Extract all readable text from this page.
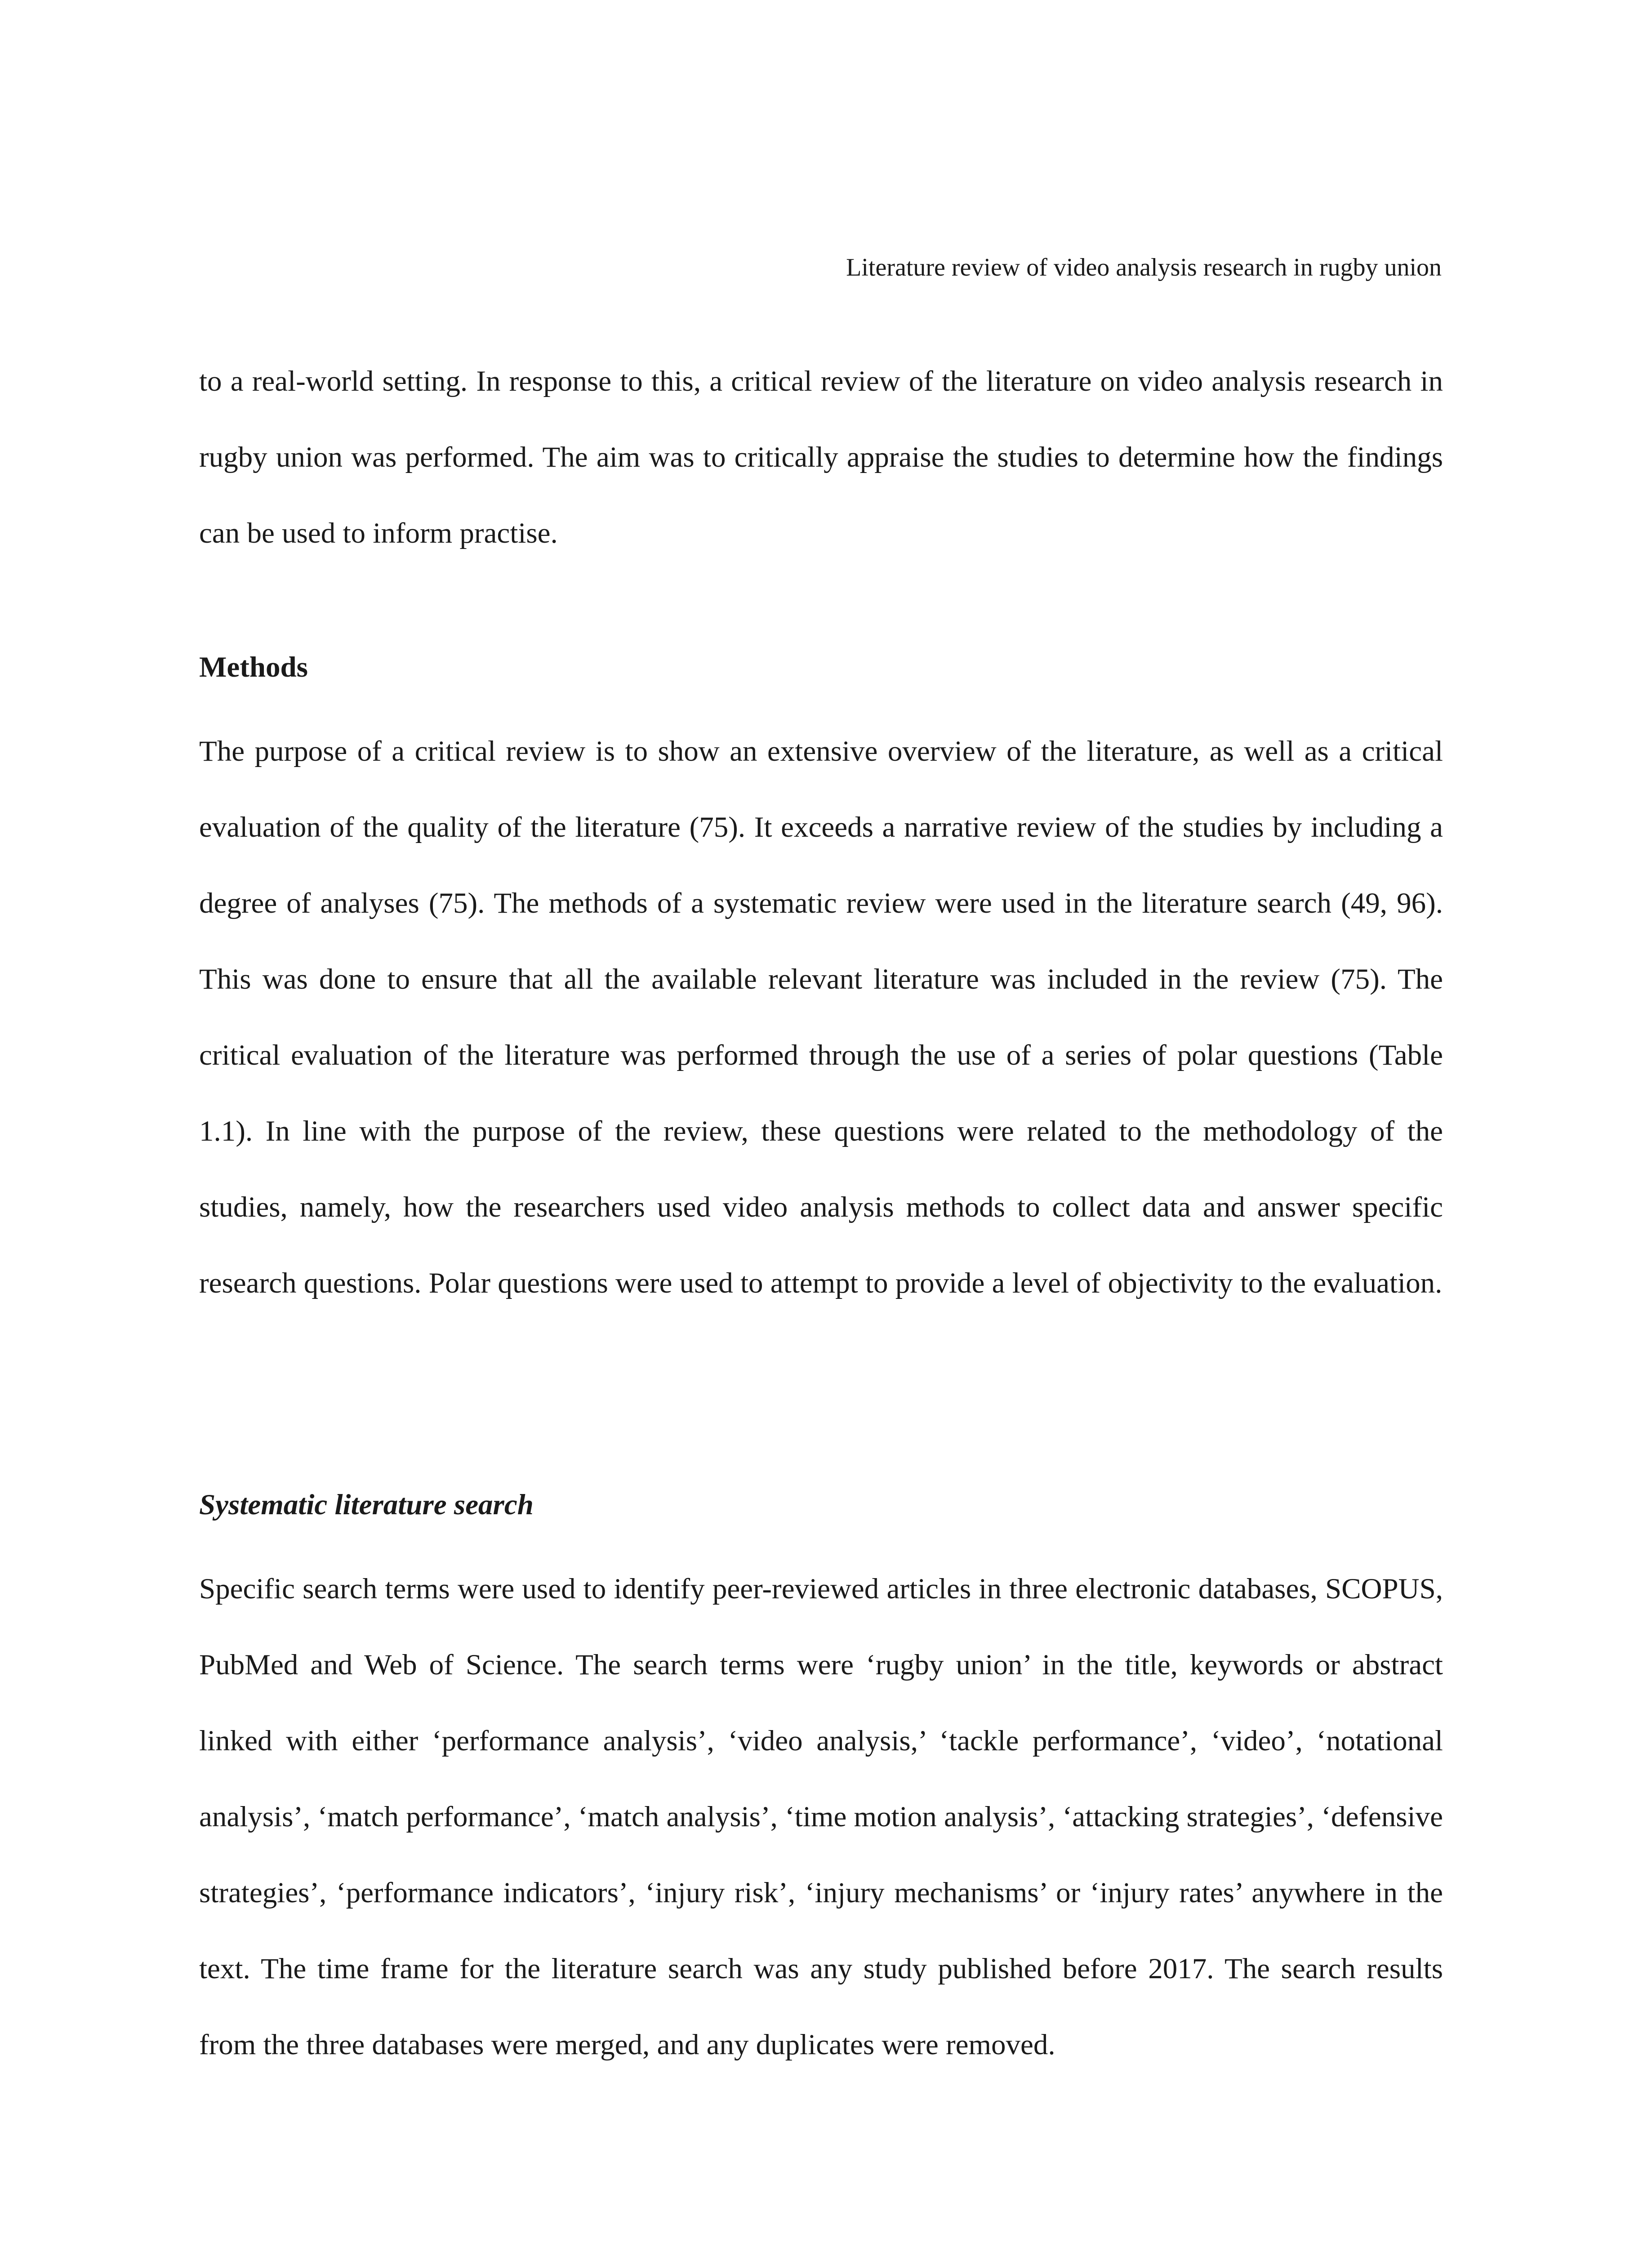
Literature review of video analysis research in rugby union

to a real-world setting. In response to this, a critical review of the literature on video analysis research in rugby union was performed. The aim was to critically appraise the studies to determine how the findings can be used to inform practise.

Methods

The purpose of a critical review is to show an extensive overview of the literature, as well as a critical evaluation of the quality of the literature (75). It exceeds a narrative review of the studies by including a degree of analyses (75). The methods of a systematic review were used in the literature search (49, 96). This was done to ensure that all the available relevant literature was included in the review (75). The critical evaluation of the literature was performed through the use of a series of polar questions (Table 1.1). In line with the purpose of the review, these questions were related to the methodology of the studies, namely, how the researchers used video analysis methods to collect data and answer specific research questions. Polar questions were used to attempt to provide a level of objectivity to the evaluation.

Systematic literature search

Specific search terms were used to identify peer-reviewed articles in three electronic databases, SCOPUS, PubMed and Web of Science. The search terms were ‘rugby union’ in the title, keywords or abstract linked with either ‘performance analysis’, ‘video analysis,’ ‘tackle performance’, ‘video’, ‘notational analysis’, ‘match performance’, ‘match analysis’, ‘time motion analysis’, ‘attacking strategies’, ‘defensive strategies’, ‘performance indicators’, ‘injury risk’, ‘injury mechanisms’ or ‘injury rates’ anywhere in the text. The time frame for the literature search was any study published before 2017. The search results from the three databases were merged, and any duplicates were removed.
